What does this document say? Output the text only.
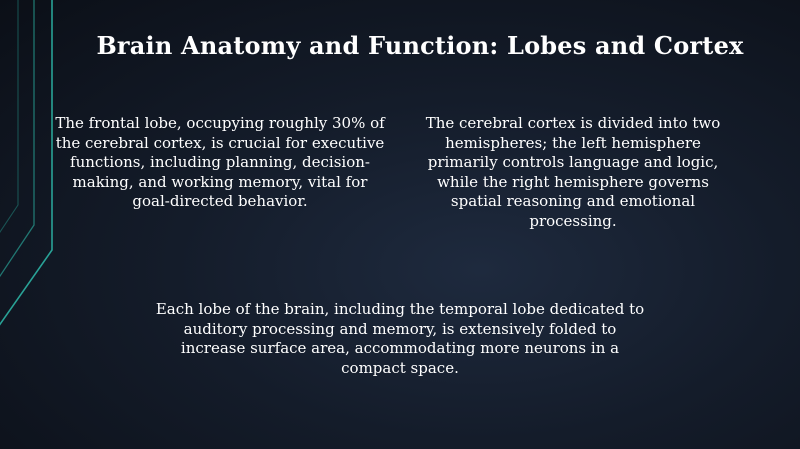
Brain Anatomy and Function: Lobes and Cortex
The frontal lobe, occupying roughly 30% of the cerebral cortex, is crucial for executive functions, including planning, decision-making, and working memory, vital for goal-directed behavior.
The cerebral cortex is divided into two hemispheres; the left hemisphere primarily controls language and logic, while the right hemisphere governs spatial reasoning and emotional processing.
Each lobe of the brain, including the temporal lobe dedicated to auditory processing and memory, is extensively folded to increase surface area, accommodating more neurons in a compact space.
